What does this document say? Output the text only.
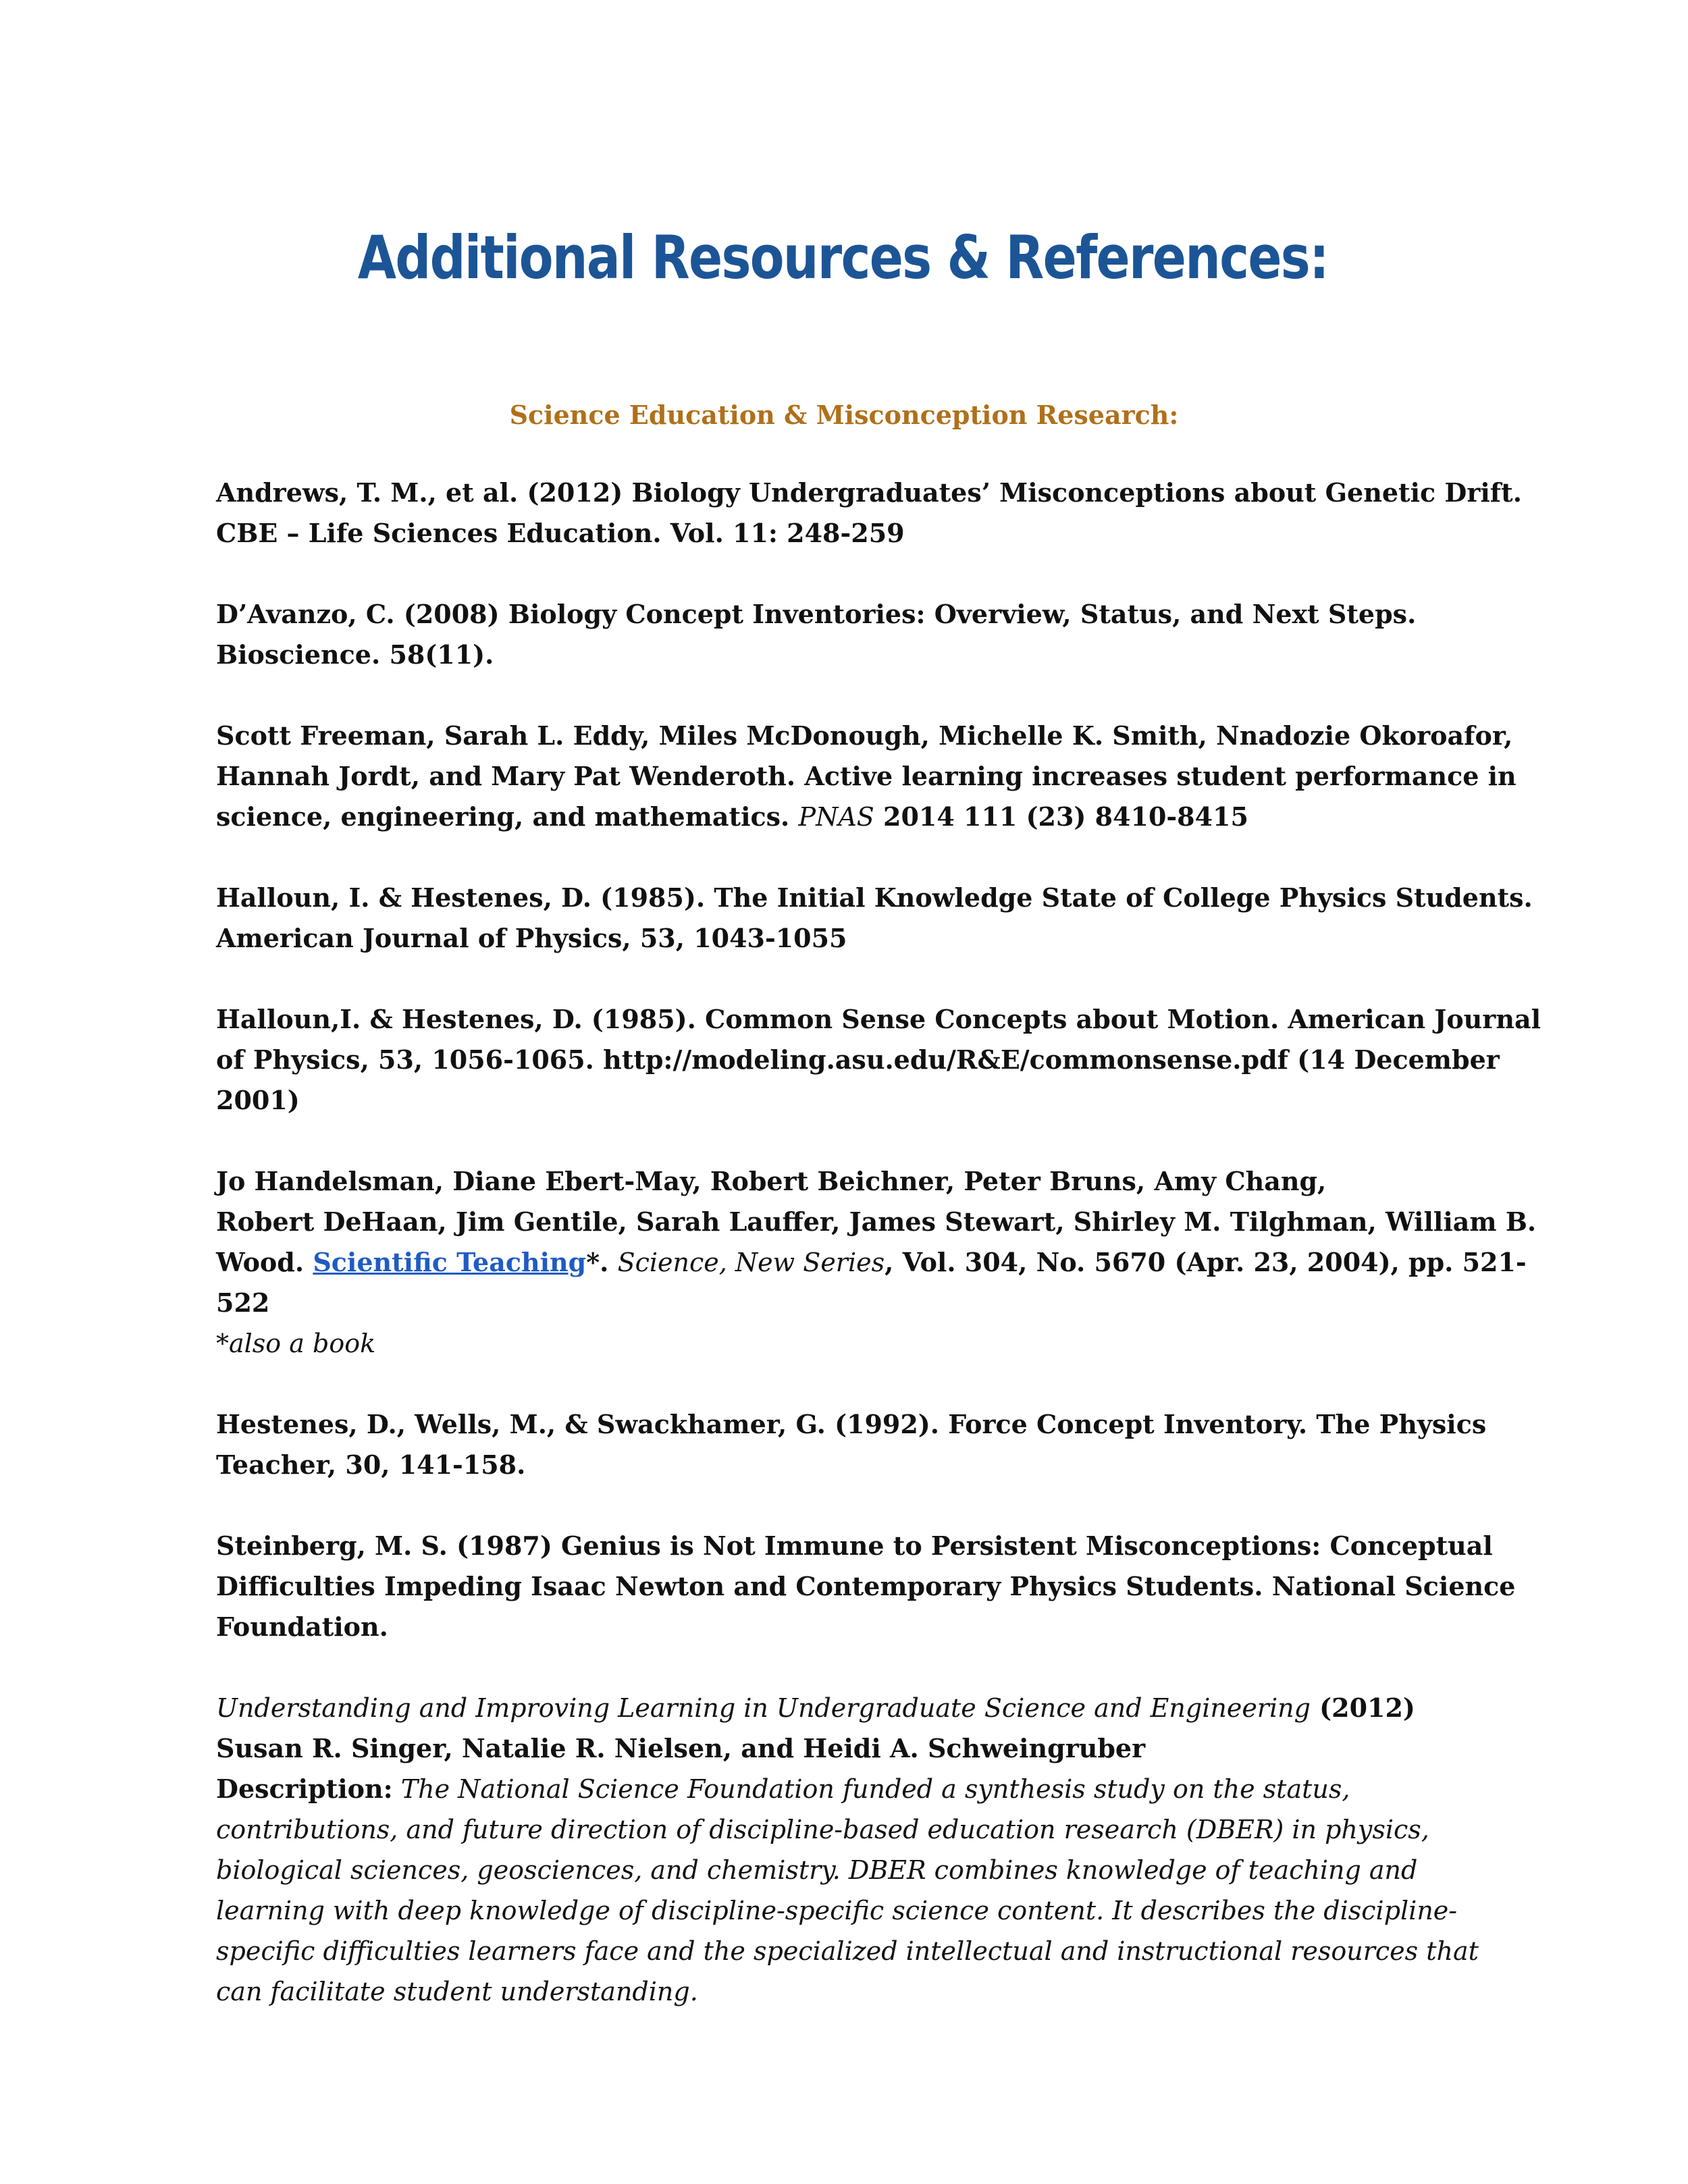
Additional Resources & References:
Science Education & Misconception Research:

Andrews, T. M., et al. (2012) Biology Undergraduates’ Misconceptions about Genetic Drift. CBE – Life Sciences Education. Vol. 11: 248-259

D’Avanzo, C. (2008) Biology Concept Inventories: Overview, Status, and Next Steps. Bioscience. 58(11).

Scott Freeman, Sarah L. Eddy, Miles McDonough, Michelle K. Smith, Nnadozie Okoroafor, Hannah Jordt, and Mary Pat Wenderoth. Active learning increases student performance in science, engineering, and mathematics. PNAS 2014 111 (23) 8410-8415

Halloun, I. & Hestenes, D. (1985). The Initial Knowledge State of College Physics Students. American Journal of Physics, 53, 1043-1055

Halloun,I. & Hestenes, D. (1985). Common Sense Concepts about Motion. American Journal of Physics, 53, 1056-1065. http://modeling.asu.edu/R&E/commonsense.pdf (14 December 2001)

Jo Handelsman, Diane Ebert-May, Robert Beichner, Peter Bruns, Amy Chang,
Robert DeHaan, Jim Gentile, Sarah Lauffer, James Stewart, Shirley M. Tilghman, William B.
Wood. Scientific Teaching*. Science, New Series, Vol. 304, No. 5670 (Apr. 23, 2004), pp. 521-522
*also a book

Hestenes, D., Wells, M., & Swackhamer, G. (1992). Force Concept Inventory. The Physics Teacher, 30, 141-158.

Steinberg, M. S. (1987) Genius is Not Immune to Persistent Misconceptions: Conceptual Difficulties Impeding Isaac Newton and Contemporary Physics Students. National Science Foundation.

Understanding and Improving Learning in Undergraduate Science and Engineering (2012) Susan R. Singer, Natalie R. Nielsen, and Heidi A. Schweingruber
Description: The National Science Foundation funded a synthesis study on the status, contributions, and future direction of discipline-based education research (DBER) in physics, biological sciences, geosciences, and chemistry. DBER combines knowledge of teaching and learning with deep knowledge of discipline-specific science content. It describes the discipline-specific difficulties learners face and the specialized intellectual and instructional resources that can facilitate student understanding.
